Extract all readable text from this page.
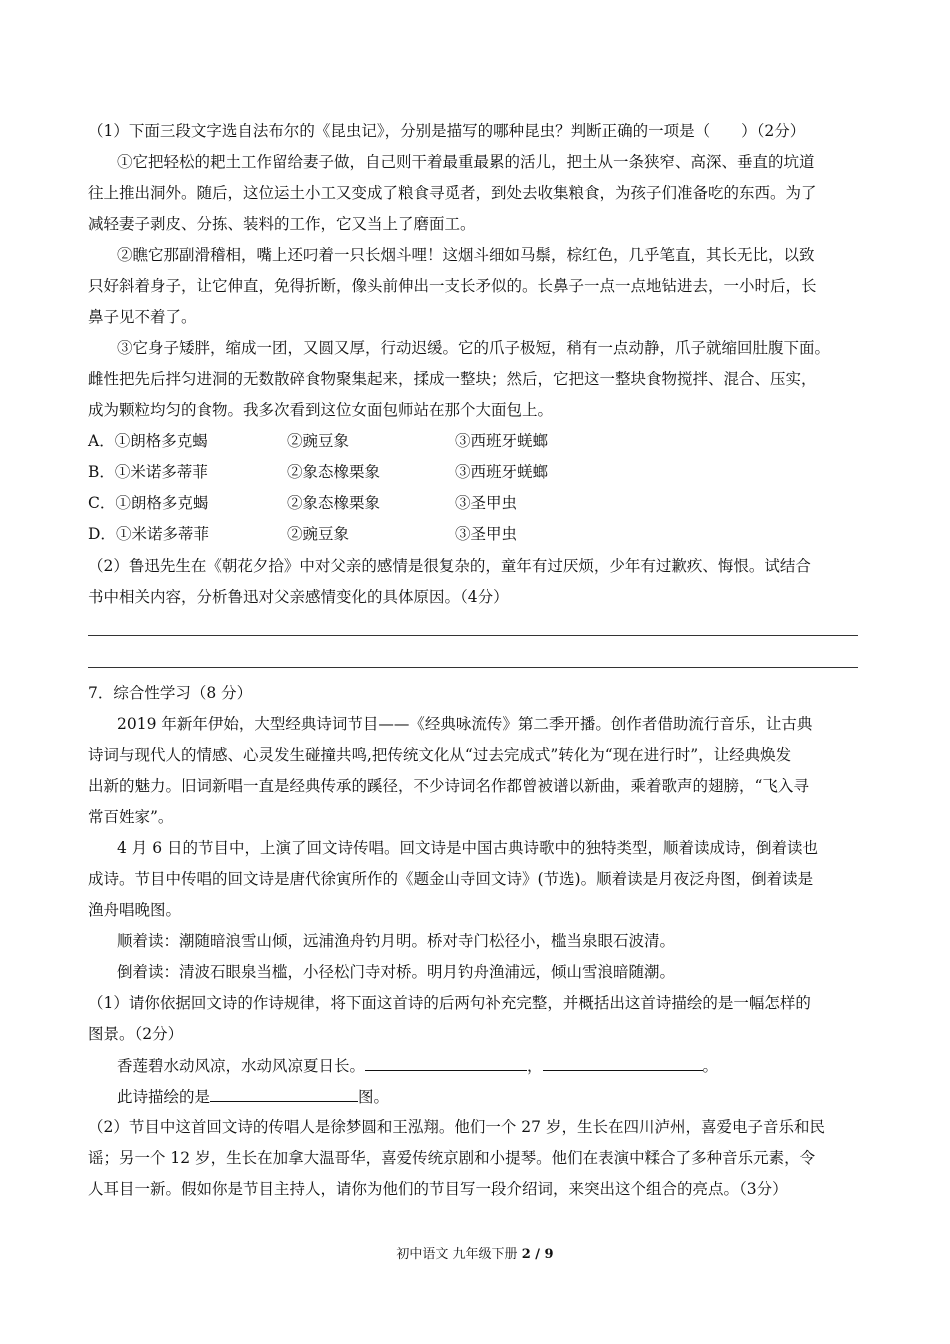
（1）下面三段文字选自法布尔的《昆虫记》，分别是描写的哪种昆虫？判断正确的一项是（　　）（2分）
①它把轻松的耙土工作留给妻子做，自己则干着最重最累的活儿，把土从一条狭窄、高深、垂直的坑道
往上推出洞外。随后，这位运土小工又变成了粮食寻觅者，到处去收集粮食，为孩子们准备吃的东西。为了
减轻妻子剥皮、分拣、装料的工作，它又当上了磨面工。
②瞧它那副滑稽相，嘴上还叼着一只长烟斗哩！这烟斗细如马鬃，棕红色，几乎笔直，其长无比，以致
只好斜着身子，让它伸直，免得折断，像头前伸出一支长矛似的。长鼻子一点一点地钻进去，一小时后，长
鼻子见不着了。
③它身子矮胖，缩成一团，又圆又厚，行动迟缓。它的爪子极短，稍有一点动静，爪子就缩回肚腹下面。
雌性把先后拌匀进洞的无数散碎食物聚集起来，揉成一整块；然后，它把这一整块食物搅拌、混合、压实，
成为颗粒均匀的食物。我多次看到这位女面包师站在那个大面包上。
A．①朗格多克蝎	②豌豆象	③西班牙蜣螂
B．①米诺多蒂菲	②象态橡栗象	③西班牙蜣螂
C．①朗格多克蝎	②象态橡栗象	③圣甲虫
D．①米诺多蒂菲	②豌豆象	③圣甲虫
（2）鲁迅先生在《朝花夕拾》中对父亲的感情是很复杂的，童年有过厌烦，少年有过歉疚、悔恨。试结合
书中相关内容，分析鲁迅对父亲感情变化的具体原因。（4分）
7．综合性学习（8 分）
2019 年新年伊始，大型经典诗词节目——《经典咏流传》第二季开播。创作者借助流行音乐，让古典
诗词与现代人的情感、心灵发生碰撞共鸣,把传统文化从“过去完成式”转化为“现在进行时”，让经典焕发
出新的魅力。旧词新唱一直是经典传承的蹊径，不少诗词名作都曾被谱以新曲，乘着歌声的翅膀，“飞入寻
常百姓家”。
4 月 6 日的节目中，上演了回文诗传唱。回文诗是中国古典诗歌中的独特类型，顺着读成诗，倒着读也
成诗。节目中传唱的回文诗是唐代徐寅所作的《题金山寺回文诗》(节选)。顺着读是月夜泛舟图，倒着读是
渔舟唱晚图。
顺着读：潮随暗浪雪山倾，远浦渔舟钓月明。桥对寺门松径小，槛当泉眼石波清。
倒着读：清波石眼泉当槛，小径松门寺对桥。明月钓舟渔浦远，倾山雪浪暗随潮。
（1）请你依据回文诗的作诗规律，将下面这首诗的后两句补充完整，并概括出这首诗描绘的是一幅怎样的
图景。（2分）
香莲碧水动风凉，水动风凉夏日长。	，	。
此诗描绘的是	图。
（2）节目中这首回文诗的传唱人是徐梦圆和王泓翔。他们一个 27 岁，生长在四川泸州，喜爱电子音乐和民
谣；另一个 12 岁，生长在加拿大温哥华，喜爱传统京剧和小提琴。他们在表演中糅合了多种音乐元素，令
人耳目一新。假如你是节目主持人，请你为他们的节目写一段介绍词，来突出这个组合的亮点。（3分）
初中语文 九年级下册 2 / 9
